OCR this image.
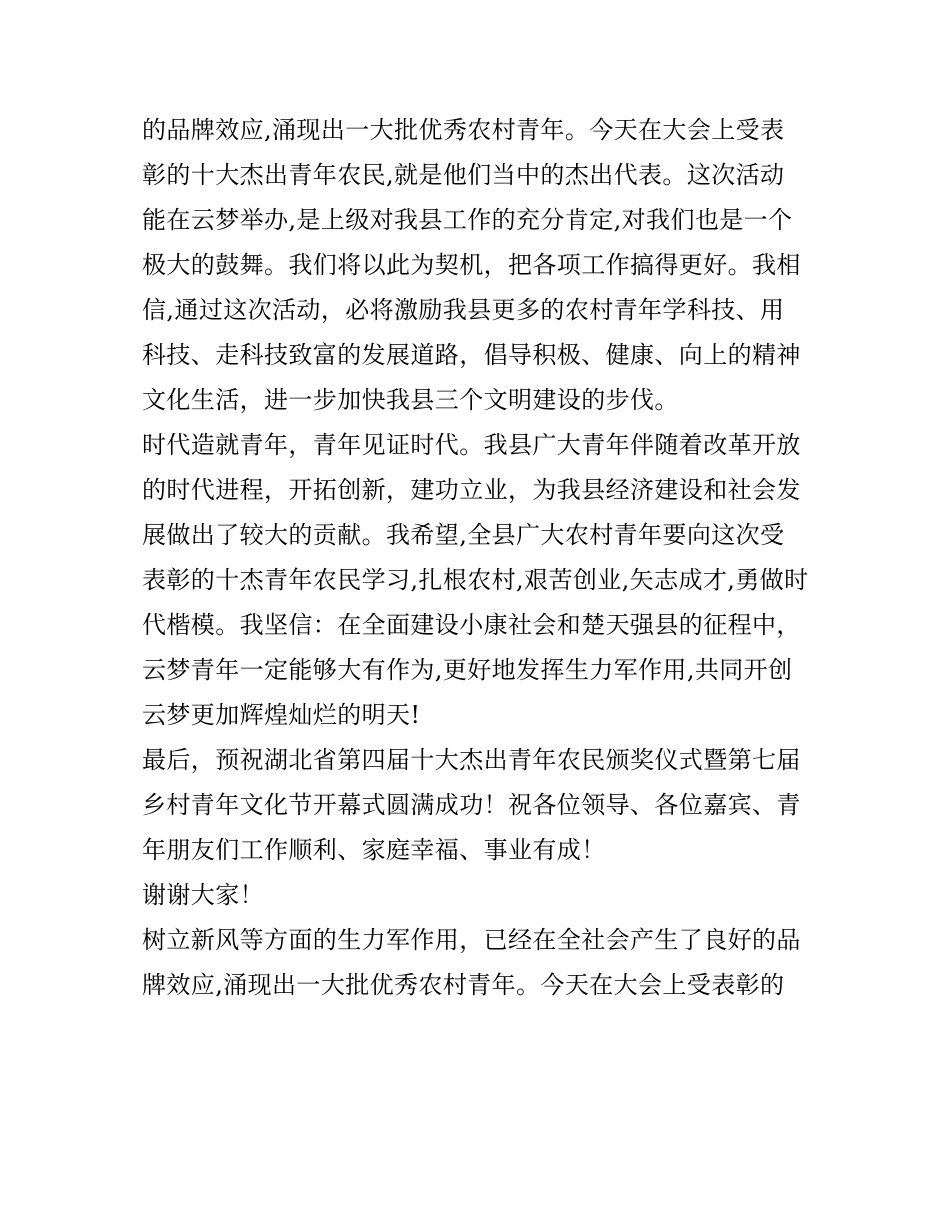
的品牌效应,涌现出一大批优秀农村青年。今天在大会上受表
彰的十大杰出青年农民,就是他们当中的杰出代表。这次活动
能在云梦举办,是上级对我县工作的充分肯定,对我们也是一个
极大的鼓舞。我们将以此为契机，把各项工作搞得更好。我相
信,通过这次活动，必将激励我县更多的农村青年学科技、用
科技、走科技致富的发展道路，倡导积极、健康、向上的精神
文化生活，进一步加快我县三个文明建设的步伐。
时代造就青年，青年见证时代。我县广大青年伴随着改革开放
的时代进程，开拓创新，建功立业，为我县经济建设和社会发
展做出了较大的贡献。我希望,全县广大农村青年要向这次受
表彰的十杰青年农民学习,扎根农村,艰苦创业,矢志成才,勇做时
代楷模。我坚信：在全面建设小康社会和楚天强县的征程中，
云梦青年一定能够大有作为,更好地发挥生力军作用,共同开创
云梦更加辉煌灿烂的明天!
最后，预祝湖北省第四届十大杰出青年农民颁奖仪式暨第七届
乡村青年文化节开幕式圆满成功！祝各位领导、各位嘉宾、青
年朋友们工作顺利、家庭幸福、事业有成！
谢谢大家！
树立新风等方面的生力军作用，已经在全社会产生了良好的品
牌效应,涌现出一大批优秀农村青年。今天在大会上受表彰的
